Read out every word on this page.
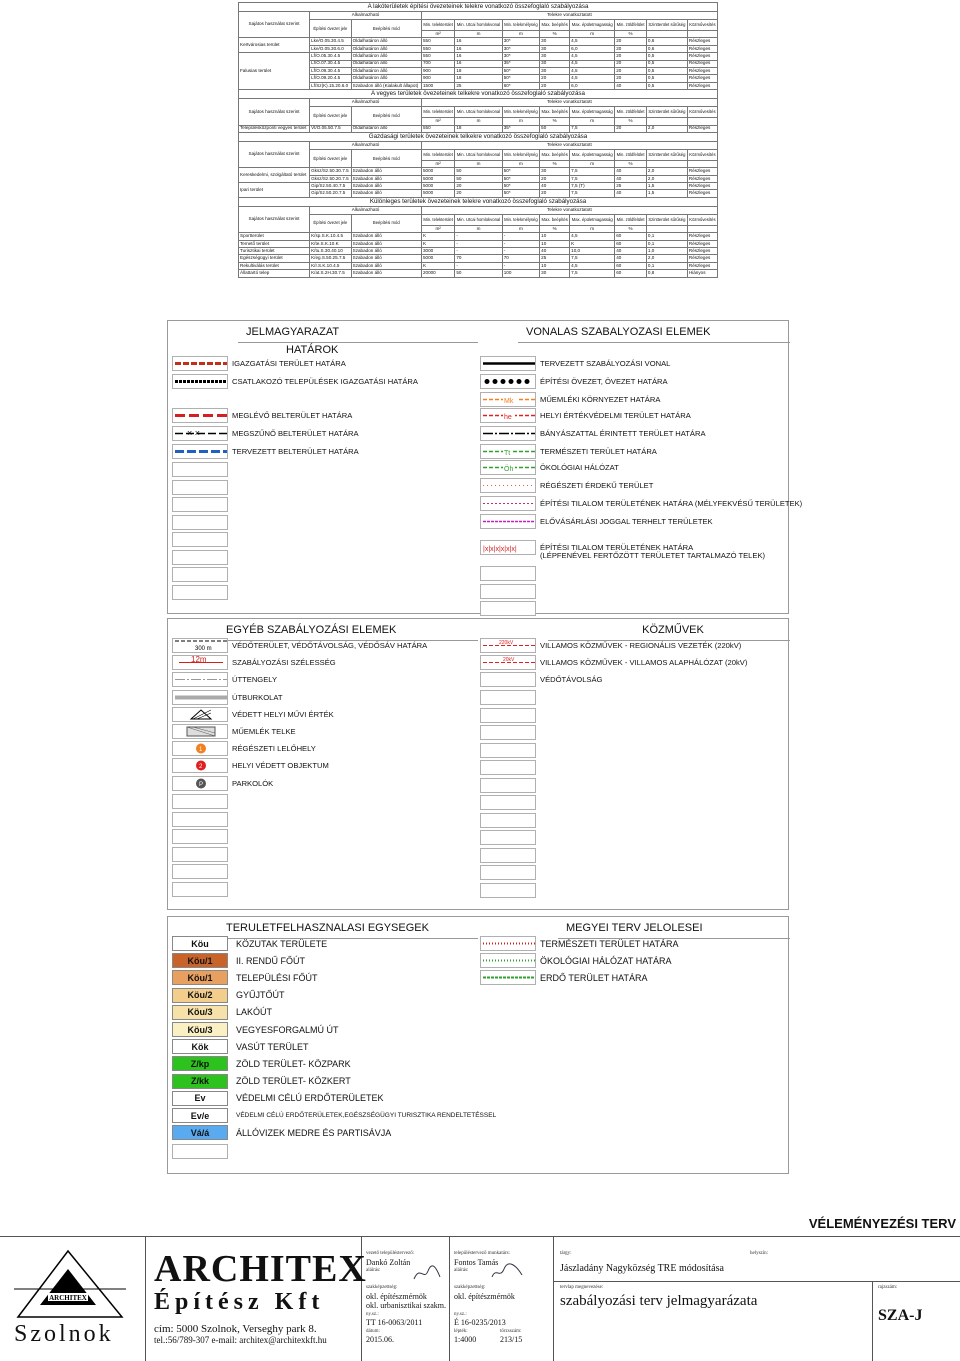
A lakóterületek építési övezeteinek telekre vonatkozó összefoglaló szabályozása										
Sajátos használat szerint	Alkalmazható		Telekre vonatkoztatott							
	Építési övezet jele	Beépítési mód	Min. telekterület	Min. Utcai homlokvonal	Min. telekmélység	Max. beépítés	Max. épületmagasság	Min. zöldfelület	Szintterület sűrűség	Közművesítés
			m²	m	m	%	m	%		
Kertvárosias terület	Lke/O.05.30.4.5	Oldalhatáron álló	550	16	30*	30	4,5	20	0,6	Részleges
	Lke/O.05.30.6.0	Oldalhatáron álló	550	16	30*	30	6,0	20	0,6	Részleges
Falusias terület	Lf/O.05.30.4.5	Oldalhatáron álló	550	16	30*	30	4,5	20	0,5	Részleges
	Lf/O.07.30.4.5	Oldalhatáron álló	700	16	35*	30	4,5	20	0,5	Részleges
	Lf/O.09.30.4.5	Oldalhatáron álló	900	18	50*	30	4,5	20	0,5	Részleges
	Lf/O.09.20.4.5	Oldalhatáron álló	900	18	50*	20	4,5	20	0,5	Részleges
	Lf/Sz(K).15.20.6.0	Szabadon álló (Kialakult állapot)	1500	25	60*	20	6,0	40	0,5	Részleges
A vegyes területek övezeteinek telkekre vonatkozó összefoglaló szabályozása										
Sajátos használat szerint	Alkalmazható		Telekre vonatkoztatott							
	Építési övezet jele	Beépítési mód	Min. telekterület	Min. Utcai homlokvonal	Min. telekmélység	Max. beépítés	Max. épületmagasság	Min. zöldfelület	Szintterület sűrűség	Közművesítés
			m²	m	m	%	m	%		
Településközponti vegyes terület	Vt/O.05.50.7.5	Oldalhatáron álló	550	18	35*	50	7,5	20	2,0	Részleges
Gazdasági területek övezeteinek telkekre vonatkozó összefoglaló szabályozása										
Sajátos használat szerint	Alkalmazható		Telekre vonatkoztatott							
	Építési övezet jele	Beépítési mód	Min. telekterület	Min. Utcai homlokvonal	Min. telekmélység	Max. beépítés	Max. épületmagasság	Min. zöldfelület	Szintterület sűrűség	Közművesítés
			m²	m	m	%	m	%		
Kereskedelmi, szolgáltató terület	Gksz/Sz.50.30.7.5	Szabadon álló	5000	50	50*	30	7,5	40	2,0	Részleges
	Gksz/Sz.50.20.7.5	Szabadon álló	5000	50	50*	20	7,5	40	2,0	Részleges
Ipari terület	Gip/Sz.50.40.7.5	Szabadon álló	5000	20	50*	40	7,5 (T)	25	1,5	Részleges
	Gip/Sz.50.20.7.5	Szabadon álló	5000	20	50*	20	7,5	40	1,5	Részleges
Különleges területek övezeteinek telekre vonatkozó összefoglaló szabályozása										
Sajátos használat szerint	Alkalmazható		Telekre vonatkoztatott							
	Építési övezet jele	Beépítési mód	Min. telekterület	Min. Utcai homlokvonal	Min. telekmélység	Max. beépítés	Max. épületmagasság	Min. zöldfelület	Szintterület sűrűség	Közművesítés
			m²	m	m	%	m	%		
Sportterület	K/sp.S.K.10.4.5	Szabadon álló	K	-	-	10	4,5	60	0,1	Részleges
Temető terület	K/te.S.K.10.K	Szabadon álló	K	-	-	10	K	60	0,1	Részleges
Turisztikai terület	K/tu.S.30.40.10	Szabadon álló	3000	-	-	40	10,0	40	1,0	Részleges
Egészségügyi terület	K/eg.S.50.25.7.5	Szabadon álló	5000	70	70	25	7,5	40	2,0	Részleges
Rekultiválás terület	K/r.S.K.10.4.5	Szabadon álló	K	-	-	10	4,5	60	0,1	Részleges
Állattartó telep	K/at.S.2H.30.7.5	Szabadon álló	20000	50	100	30	7,5	60	0,8	Hiányos
JELMAGYARAZAT
HATÁROK
VONALAS SZABALYOZASI ELEMEK
IGAZGATÁSI TERÜLET HATÁRA
CSATLAKOZÓ TELEPÜLÉSEK IGAZGATÁSI HATÁRA
MEGLÉVŐ BELTERÜLET HATÁRA
× ×	MEGSZŰNŐ BELTERÜLET HATÁRA
TERVEZETT BELTERÜLET HATÁRA
TERVEZETT SZABÁLYOZÁSI VONAL
ÉPÍTÉSI ÖVEZET, ÖVEZET HATÁRA
Mk	MŰEMLÉKI KÖRNYEZET HATÁRA
he	HELYI ÉRTÉKVÉDELMI TERÜLET HATÁRA
BÁNYÁSZATTAL ÉRINTETT TERÜLET HATÁRA
Tt	TERMÉSZETI TERÜLET HATÁRA
Öh	ÖKOLÓGIAI HÁLÓZAT
RÉGÉSZETI ÉRDEKŰ TERÜLET
ÉPÍTÉSI TILALOM TERÜLETÉNEK HATÁRA (MÉLYFEKVÉSŰ TERÜLETEK)
ELŐVÁSÁRLÁSI JOGGAL TERHELT TERÜLETEK
|x|x|x|x|x|x|	ÉPÍTÉSI TILALOM TERÜLETÉNEK HATÁRA
(LÉPFENÉVEL FERTŐZÖTT TERÜLETET TARTALMAZÓ TELEK)
EGYÉB SZABÁLYOZÁSI ELEMEK	KÖZMŰVEK
300 m	VÉDŐTERÜLET, VÉDŐTÁVOLSÁG, VÉDŐSÁV HATÁRA
12m	SZABÁLYOZÁSI SZÉLESSÉG
ÚTTENGELY
ÚTBURKOLAT
VÉDETT HELYI MŰVI ÉRTÉK
MŰEMLÉK TELKE
1	RÉGÉSZETI LELŐHELY
2	HELYI VÉDETT OBJEKTUM
P	PARKOLÓK
220kV	VILLAMOS KÖZMŰVEK - REGIONÁLIS VEZETÉK (220kV)
20kV	VILLAMOS KÖZMŰVEK - VILLAMOS ALAPHÁLÓZAT (20kV)
VÉDŐTÁVOLSÁG
TERULETFELHASZNALASI EGYSEGEK	MEGYEI TERV JELOLESEI
Köu	KÖZUTAK TERÜLETE
Köu/1	II. RENDŰ FŐÚT
Köu/1	TELEPÜLÉSI FŐÚT
Köu/2	GYŰJTŐÚT
Köu/3	LAKÓÚT
Köu/3	VEGYESFORGALMÚ ÚT
Kök	VASÚT TERÜLET
Z/kp	ZÖLD TERÜLET- KÖZPARK
Z/kk	ZÖLD TERÜLET- KÖZKERT
Ev	VÉDELMI CÉLÚ ERDŐTERÜLETEK
Ev/e	VÉDELMI CÉLÚ ERDŐTERÜLETEK,EGÉSZSÉGÜGYI TURISZTIKA RENDELTETÉSSEL
Vá/á	ÁLLÓVIZEK MEDRE ÉS PARTISÁVJA
TERMÉSZETI TERÜLET HATÁRA
ÖKOLÓGIAI HÁLÓZAT HATÁRA
ERDŐ TERÜLET HATÁRA
VÉLEMÉNYEZÉSI TERV
ARCHITEX
Szolnok
ARCHITEX
Építész Kft
cím: 5000 Szolnok, Verseghy park 8.
tel.:56/789-307 e-mail: architex@architexkft.hu
vezető településtervező:
Dankó Zoltán
aláírás:
szakképzettség:
okl. építészmérnök
okl. urbanisztikai szakm.
ny.sz.:
TT 16-0063/2011
dátum:
2015.06.
településtervező munkatárs:
Fontos Tamás
aláírás:
szakképzettség:
okl. építészmérnök
ny.sz.:
É 16-0235/2013
lépték:
1:4000
törzsszám:
213/15
tárgy:
Jászladány Nagyközség TRE módosítása
helyszín:
tervlap megnevezése:
szabályozási terv jelmagyarázata
rajzszám:
SZA-J
